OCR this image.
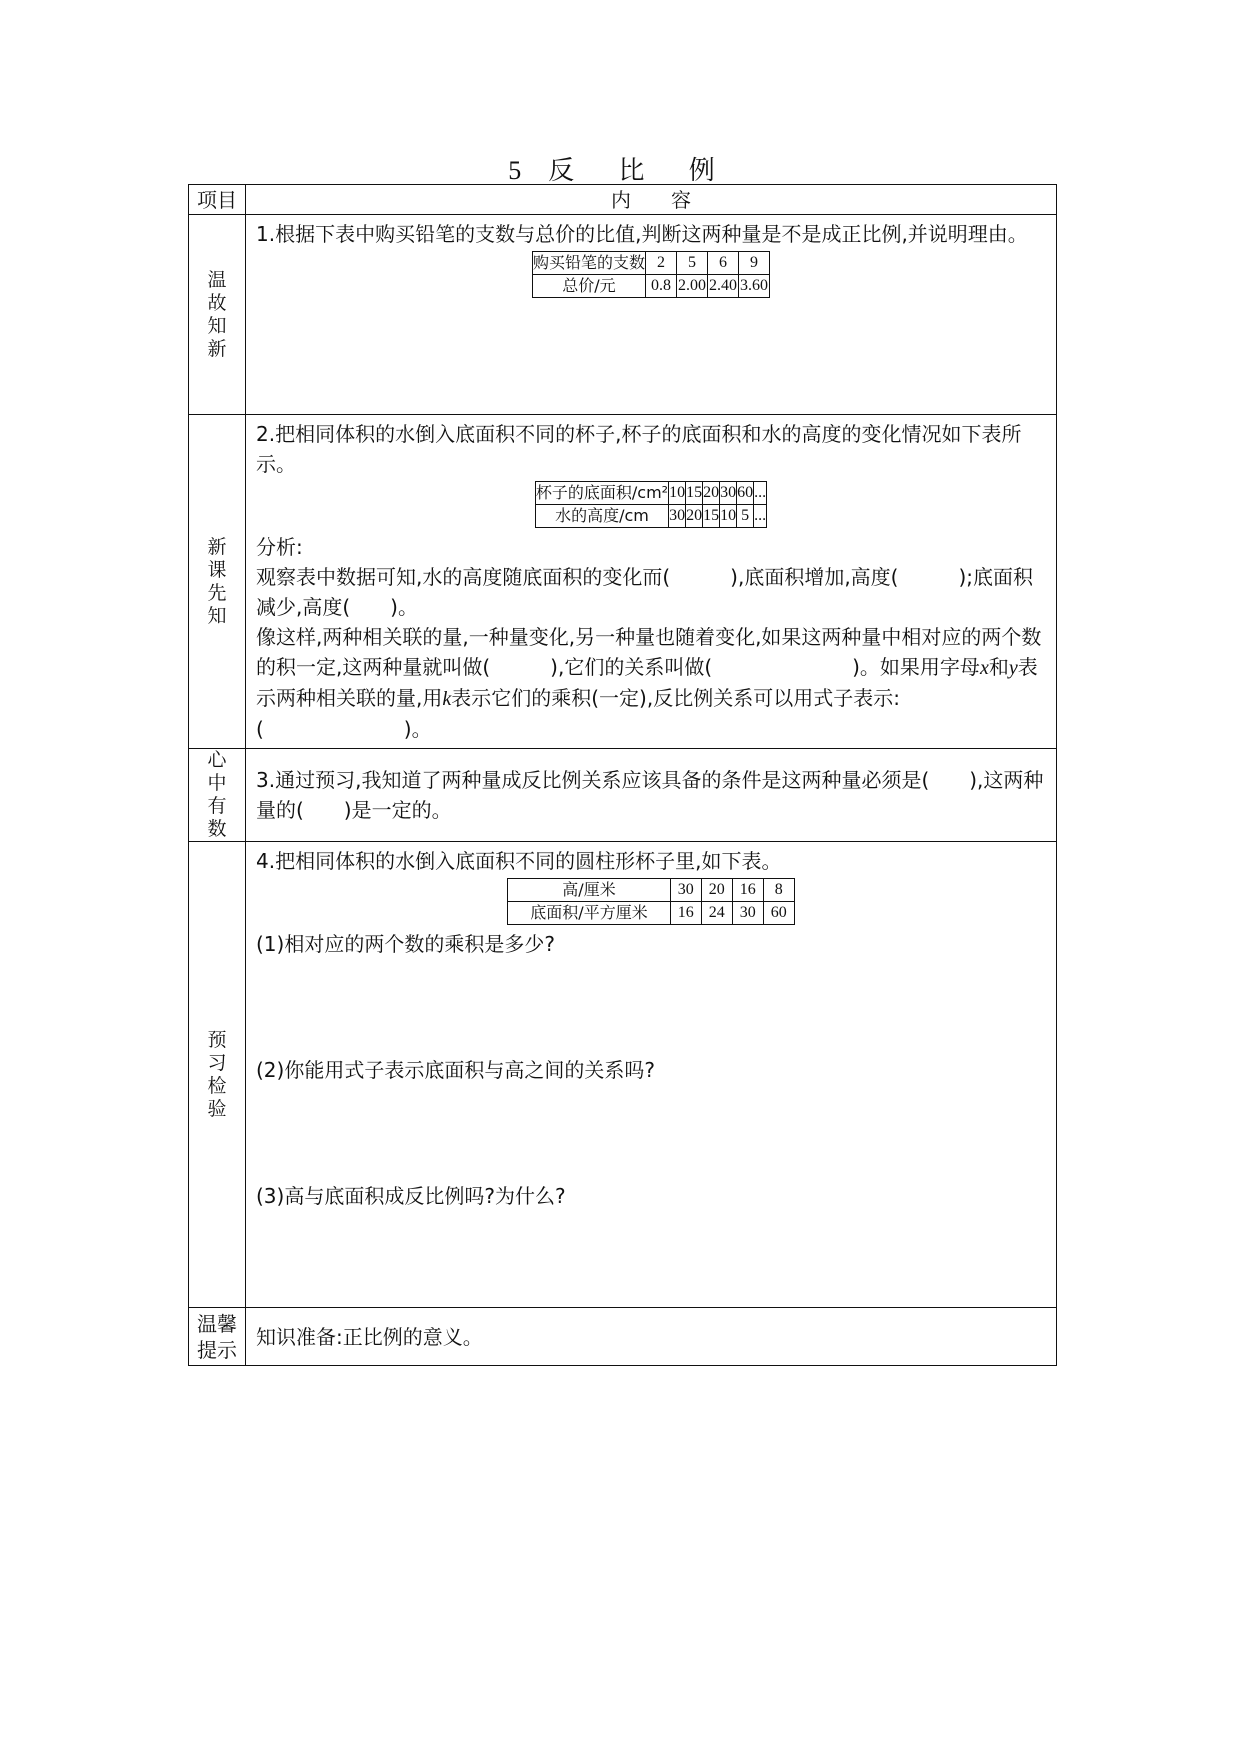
5 反 比 例
项目	内　　容
温故知新	

1.根据下表中购买铅笔的支数与总价的比值,判断这两种量是不是成正比例,并说明理由。

购买铅笔的支数	2	5	6	9
总价/元	0.8	2.00	2.40	3.60

新课先知	

2.把相同体积的水倒入底面积不同的杯子,杯子的底面积和水的高度的变化情况如下表所示。

杯子的底面积/cm²	10	15	20	30	60	...
水的高度/cm	30	20	15	10	5	...

分析:

观察表中数据可知,水的高度随底面积的变化而(　　　),底面积增加,高度(　　　);底面积减少,高度(　　)。

像这样,两种相关联的量,一种量变化,另一种量也随着变化,如果这两种量中相对应的两个数的积一定,这两种量就叫做(　　　),它们的关系叫做(　　　　　　　)。如果用字母x和y表示两种相关联的量,用k表示它们的乘积(一定),反比例关系可以用式子表示:(　　　　　　　)。

心中有数	

3.通过预习,我知道了两种量成反比例关系应该具备的条件是这两种量必须是(　　),这两种量的(　　)是一定的。

预习检验	

4.把相同体积的水倒入底面积不同的圆柱形杯子里,如下表。

高/厘米	30	20	16	8
底面积/平方厘米	16	24	30	60

(1)相对应的两个数的乘积是多少?

(2)你能用式子表示底面积与高之间的关系吗?

(3)高与底面积成反比例吗?为什么?

温馨提示	

知识准备:正比例的意义。
